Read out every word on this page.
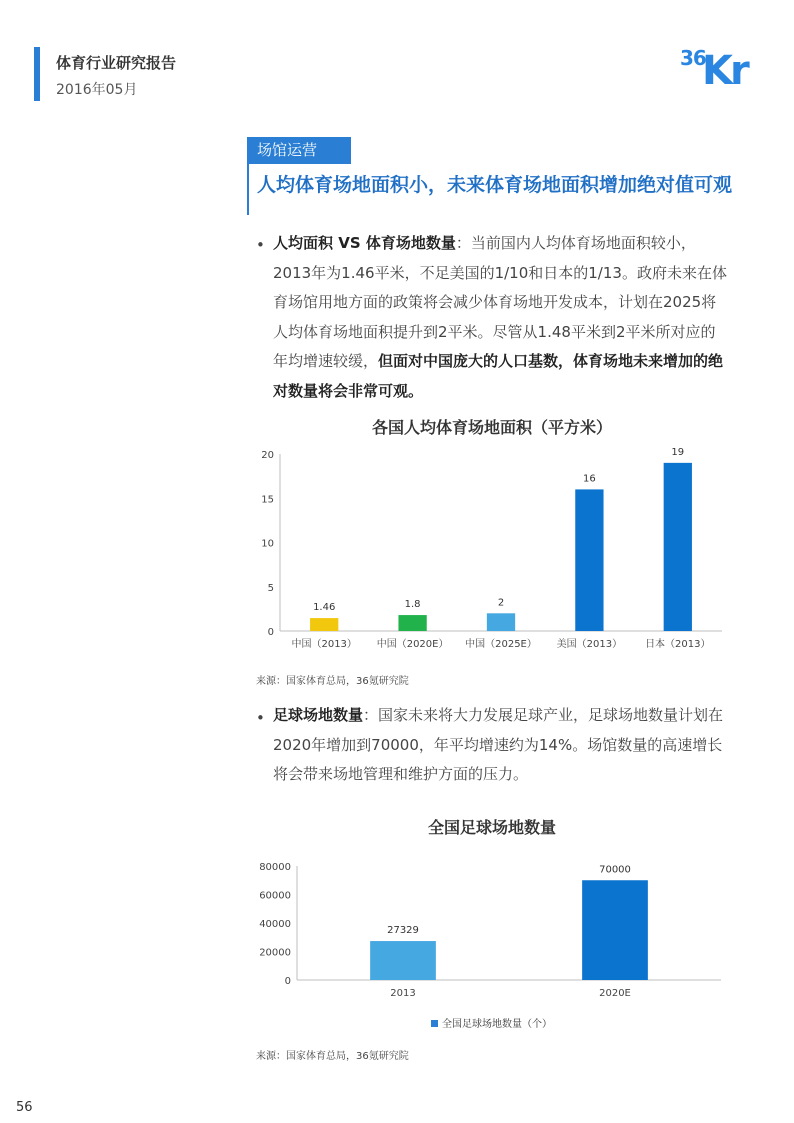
体育行业研究报告
2016年05月
36
Kr
场馆运营
人均体育场地面积小，未来体育场地面积增加绝对值可观
• 人均面积 VS 体育场地数量：当前国内人均体育场地面积较小，2013年为1.46平米，不足美国的1/10和日本的1/13。政府未来在体育场馆用地方面的政策将会减少体育场地开发成本，计划在2025将人均体育场地面积提升到2平米。尽管从1.48平米到2平米所对应的年均增速较缓，但面对中国庞大的人口基数，体育场地未来增加的绝对数量将会非常可观。
各国人均体育场地面积（平方米）
0
5
10
15
20
1.46
中国（2013）
1.8
中国（2020E）
2
中国（2025E）
16
美国（2013）
19
日本（2013）
来源：国家体育总局，36氪研究院
• 足球场地数量：国家未来将大力发展足球产业，足球场地数量计划在2020年增加到70000，年平均增速约为14%。场馆数量的高速增长将会带来场地管理和维护方面的压力。
全国足球场地数量
0
20000
40000
60000
80000
27329
2013
70000
2020E
全国足球场地数量（个）
来源：国家体育总局，36氪研究院
56
